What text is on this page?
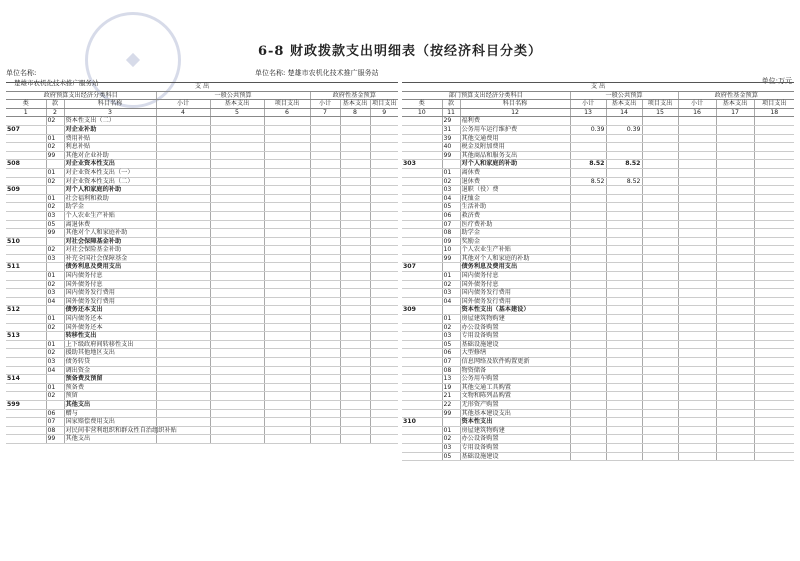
6-8 财政拨款支出明细表（按经济科目分类）
单位名称:
楚雄市农机化技术推广服务站
单位名称: 楚雄市农机化技术推广服务站
单位:万元
支 出								
政府预算支出经济分类科目			一般公共预算			政府性基金预算		
类	款	科目名称	小计	基本支出	项目支出	小计	基本支出	项目支出
1	2	3	4	5	6	7	8	9
	02	资本性支出（二）						
507		对企业补助						
	01	费用补贴						
	02	利息补贴						
	99	其他对企业补助						
508		对企业资本性支出						
	01	对企业资本性支出（一）						
	02	对企业资本性支出（二）						
509		对个人和家庭的补助						
	01	社会福利和救助						
	02	助学金						
	03	个人农业生产补贴						
	05	离退休费						
	99	其他对个人和家庭补助						
510		对社会保障基金补助						
	02	对社会保险基金补助						
	03	补充全国社会保障基金						
511		债务利息及费用支出						
	01	国内债务付息						
	02	国外债务付息						
	03	国内债务发行费用						
	04	国外债务发行费用						
512		债务还本支出						
	01	国内债务还本						
	02	国外债务还本						
513		转移性支出						
	01	上下级政府间转移性支出						
	02	援助其他地区支出						
	03	债务转贷						
	04	调出资金						
514		预备费及预留						
	01	预备费						
	02	预留						
599		其他支出						
	06	赠与						
	07	国家赔偿费用支出						
	08	对民间非营利组织和群众性自治组织补贴						
	99	其他支出						
支 出								
部门预算支出经济分类科目			一般公共预算			政府性基金预算		
类	款	科目名称	小计	基本支出	项目支出	小计	基本支出	项目支出
10	11	12	13	14	15	16	17	18
	29	福利费						
	31	公务用车运行维护费	0.39	0.39				
	39	其他交通费用						
	40	税金及附加费用						
	99	其他商品和服务支出						
303		对个人和家庭的补助	8.52	8.52				
	01	离休费						
	02	退休费	8.52	8.52				
	03	退职（役）费						
	04	抚恤金						
	05	生活补助						
	06	救济费						
	07	医疗费补助						
	08	助学金						
	09	奖励金						
	10	个人农业生产补贴						
	99	其他对个人和家庭的补助						
307		债务利息及费用支出						
	01	国内债务付息						
	02	国外债务付息						
	03	国内债务发行费用						
	04	国外债务发行费用						
309		资本性支出（基本建设）						
	01	房屋建筑物购建						
	02	办公设备购置						
	03	专用设备购置						
	05	基础设施建设						
	06	大型修缮						
	07	信息网络及软件购置更新						
	08	物资储备						
	13	公务用车购置						
	19	其他交通工具购置						
	21	文物和陈列品购置						
	22	无形资产购置						
	99	其他基本建设支出						
310		资本性支出						
	01	房屋建筑物购建						
	02	办公设备购置						
	03	专用设备购置						
	05	基础设施建设						
